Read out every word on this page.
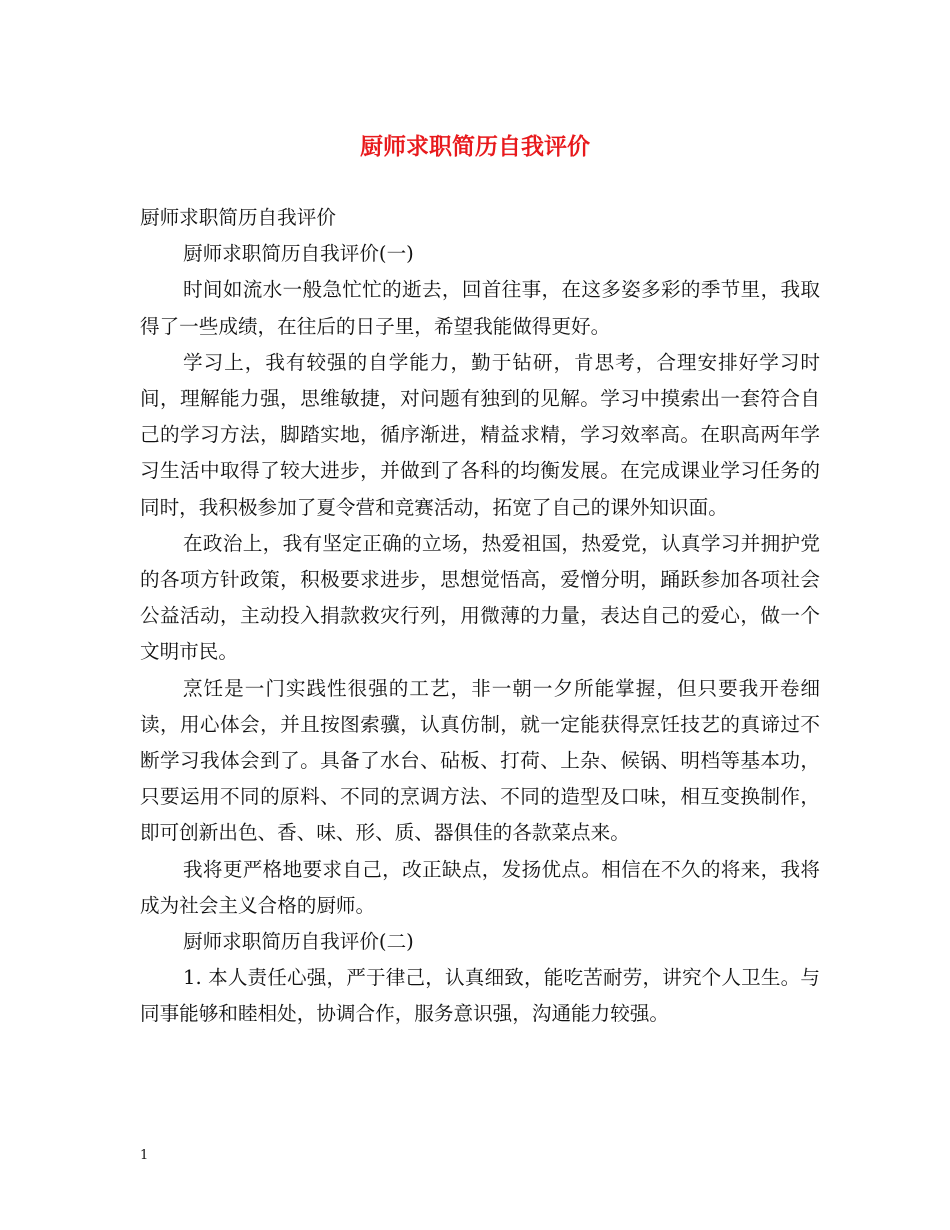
厨师求职简历自我评价

厨师求职简历自我评价

厨师求职简历自我评价(一)

时间如流水一般急忙忙的逝去，回首往事，在这多姿多彩的季节里，我取得了一些成绩，在往后的日子里，希望我能做得更好。

学习上，我有较强的自学能力，勤于钻研，肯思考，合理安排好学习时间，理解能力强，思维敏捷，对问题有独到的见解。学习中摸索出一套符合自己的学习方法，脚踏实地，循序渐进，精益求精，学习效率高。在职高两年学习生活中取得了较大进步，并做到了各科的均衡发展。在完成课业学习任务的同时，我积极参加了夏令营和竞赛活动，拓宽了自己的课外知识面。

在政治上，我有坚定正确的立场，热爱祖国，热爱党，认真学习并拥护党的各项方针政策，积极要求进步，思想觉悟高，爱憎分明，踊跃参加各项社会公益活动，主动投入捐款救灾行列，用微薄的力量，表达自己的爱心，做一个文明市民。

烹饪是一门实践性很强的工艺，非一朝一夕所能掌握，但只要我开卷细读，用心体会，并且按图索骥，认真仿制，就一定能获得烹饪技艺的真谛过不断学习我体会到了。具备了水台、砧板、打荷、上杂、候锅、明档等基本功，只要运用不同的原料、不同的烹调方法、不同的造型及口味，相互变换制作，即可创新出色、香、味、形、质、器俱佳的各款菜点来。

我将更严格地要求自己，改正缺点，发扬优点。相信在不久的将来，我将成为社会主义合格的厨师。

厨师求职简历自我评价(二)

1. 本人责任心强，严于律己，认真细致，能吃苦耐劳，讲究个人卫生。与同事能够和睦相处，协调合作，服务意识强，沟通能力较强。

1
